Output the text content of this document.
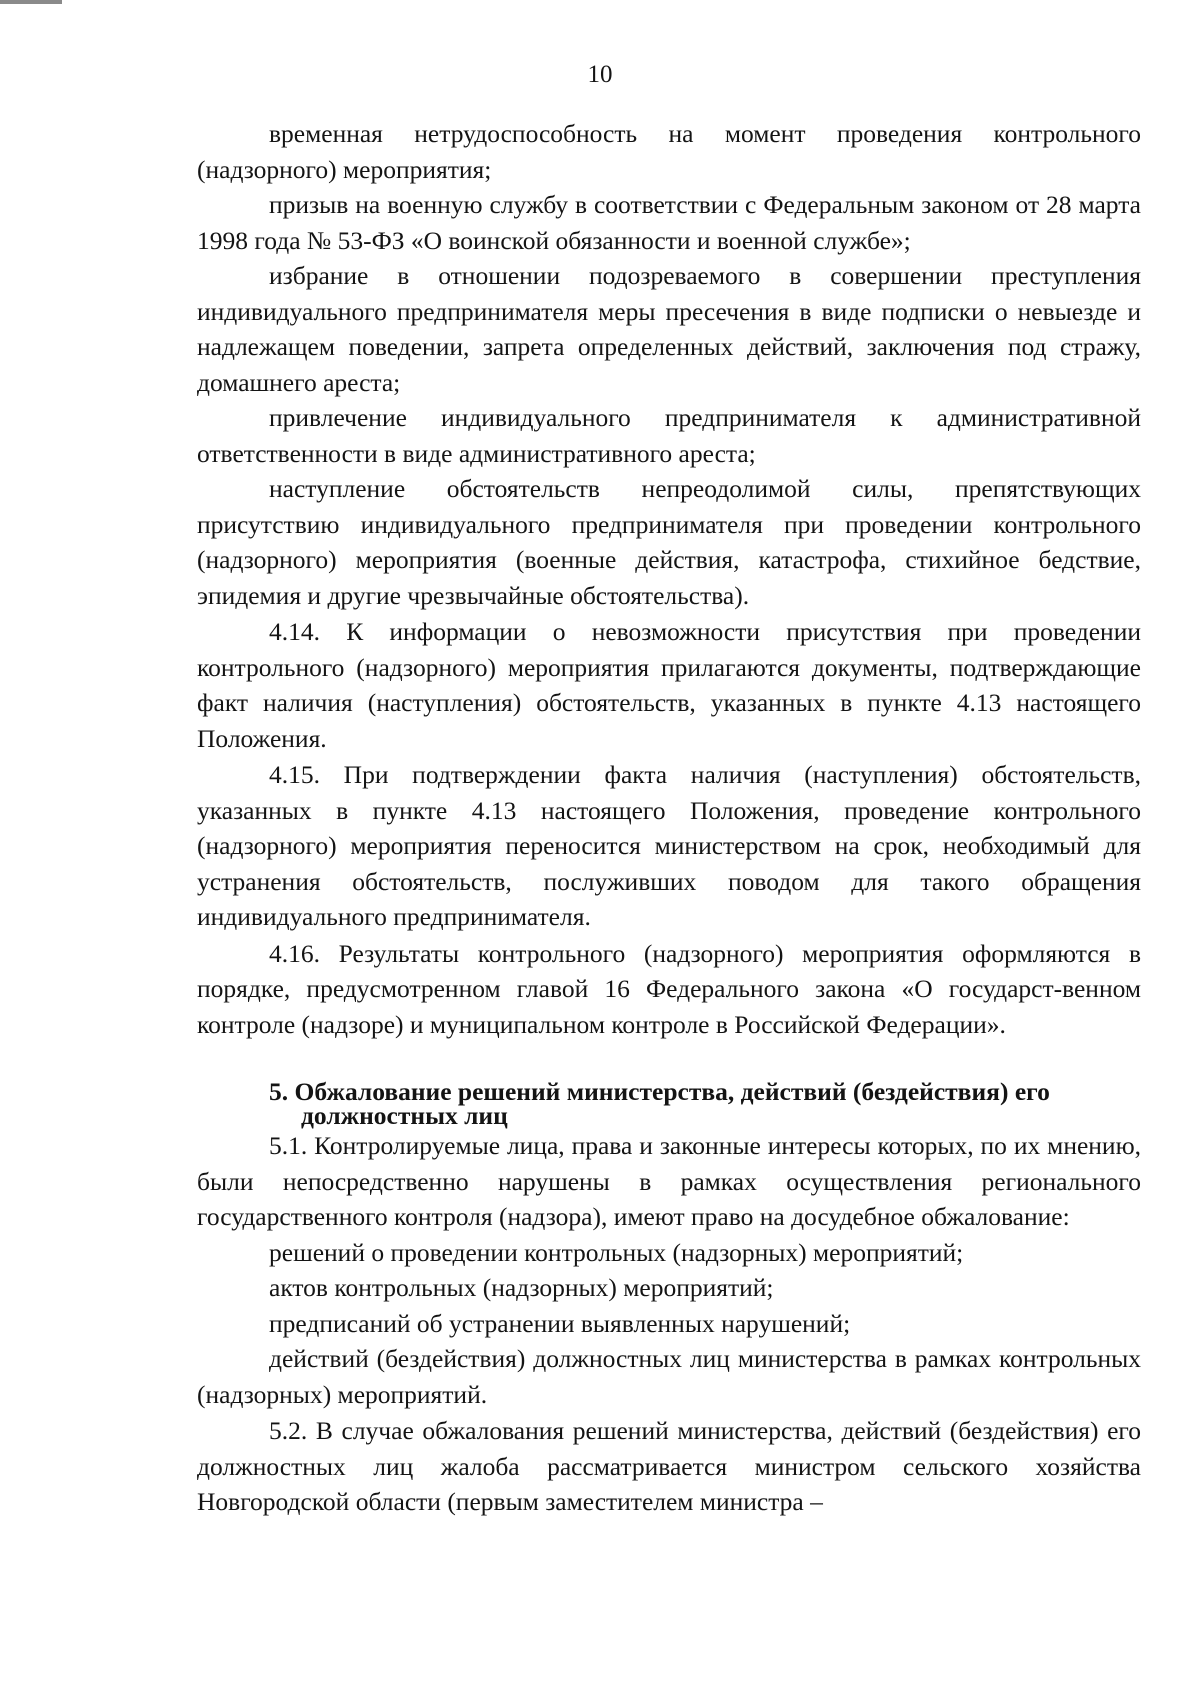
10

временная нетрудоспособность на момент проведения контрольного (надзорного) мероприятия;

призыв на военную службу в соответствии с Федеральным законом от 28 марта 1998 года № 53-ФЗ «О воинской обязанности и военной службе»;

избрание в отношении подозреваемого в совершении преступления индивидуального предпринимателя меры пресечения в виде подписки о невыезде и надлежащем поведении, запрета определенных действий, заключения под стражу, домашнего ареста;

привлечение индивидуального предпринимателя к административной ответственности в виде административного ареста;

наступление обстоятельств непреодолимой силы, препятствующих присутствию индивидуального предпринимателя при проведении контрольного (надзорного) мероприятия (военные действия, катастрофа, стихийное бедствие, эпидемия и другие чрезвычайные обстоятельства).

4.14. К информации о невозможности присутствия при проведении контрольного (надзорного) мероприятия прилагаются документы, подтверждающие факт наличия (наступления) обстоятельств, указанных в пункте 4.13 настоящего Положения.

4.15. При подтверждении факта наличия (наступления) обстоятельств, указанных в пункте 4.13 настоящего Положения, проведение контрольного (надзорного) мероприятия переносится министерством на срок, необходимый для устранения обстоятельств, послуживших поводом для такого обращения индивидуального предпринимателя.

4.16. Результаты контрольного (надзорного) мероприятия оформляются в порядке, предусмотренном главой 16 Федерального закона «О государст-венном контроле (надзоре) и муниципальном контроле в Российской Федерации».

5. Обжалование решений министерства, действий (бездействия) его
должностных лиц

5.1. Контролируемые лица, права и законные интересы которых, по их мнению, были непосредственно нарушены в рамках осуществления регионального государственного контроля (надзора), имеют право на досудебное обжалование:

решений о проведении контрольных (надзорных) мероприятий;

актов контрольных (надзорных) мероприятий;

предписаний об устранении выявленных нарушений;

действий (бездействия) должностных лиц министерства в рамках контрольных (надзорных) мероприятий.

5.2. В случае обжалования решений министерства, действий (бездействия) его должностных лиц жалоба рассматривается министром сельского хозяйства Новгородской области (первым заместителем министра –
